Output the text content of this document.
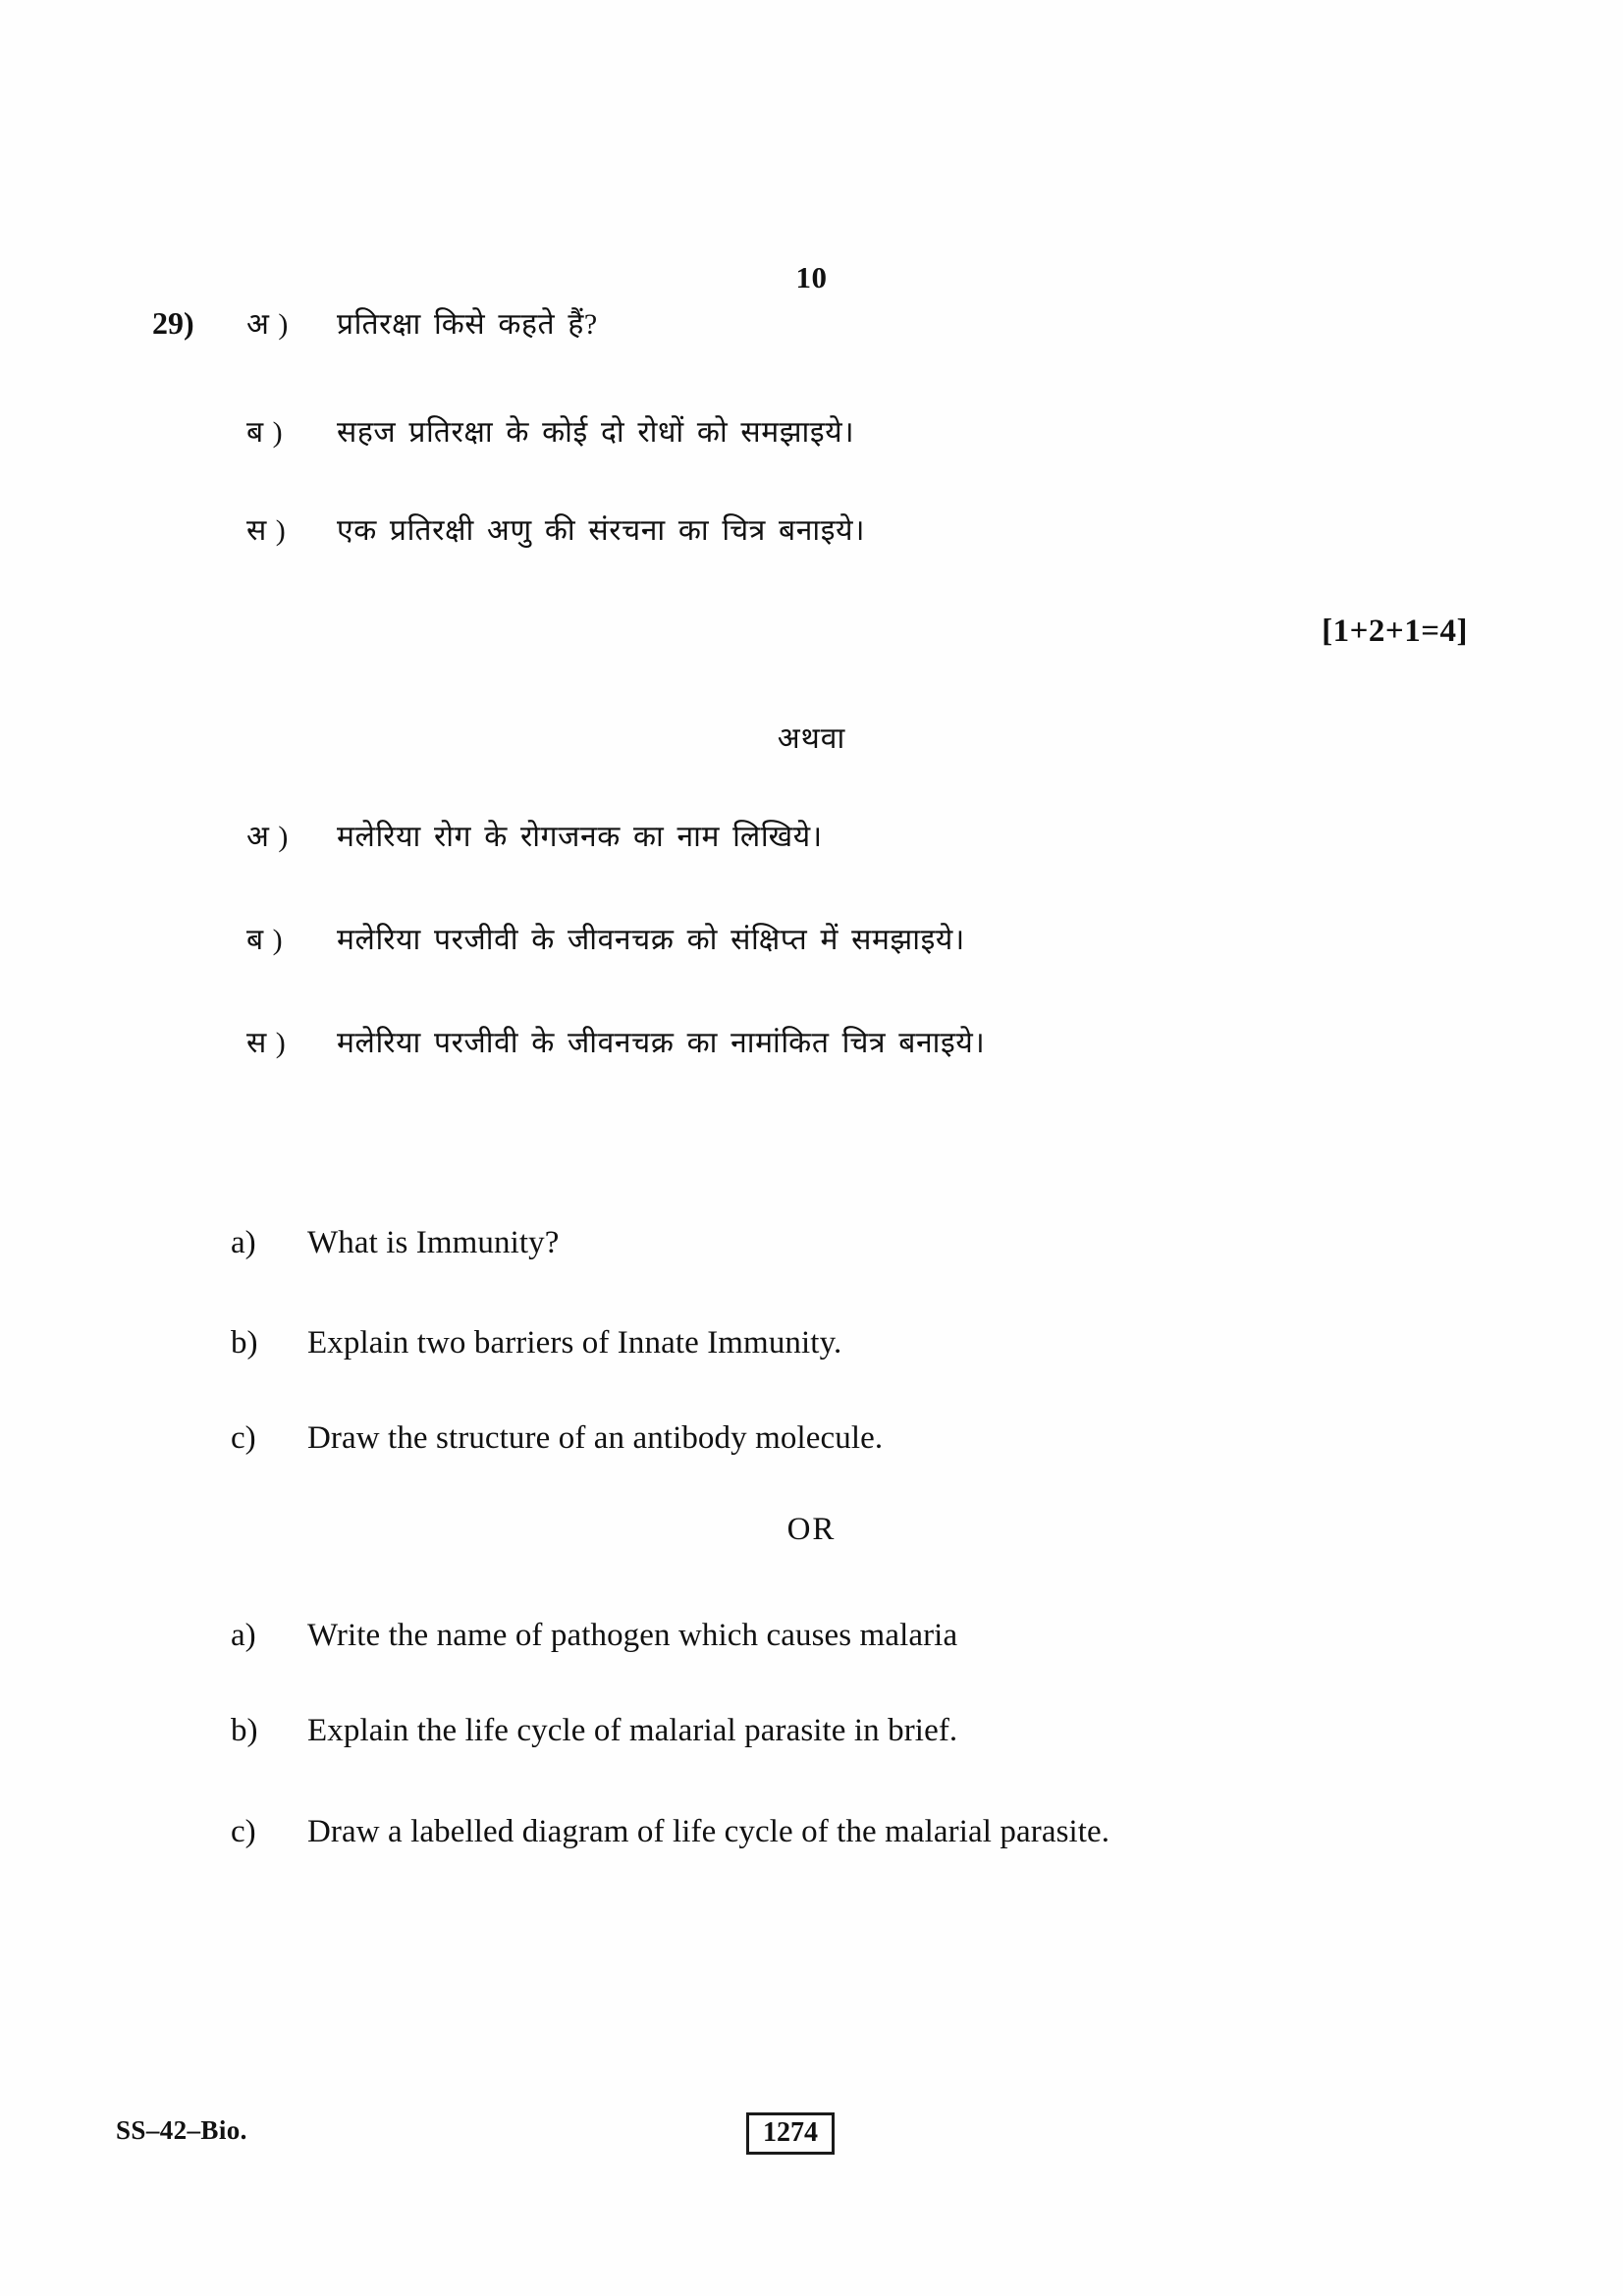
10
29)	अ )	प्रतिरक्षा किसे कहते हैं?
ब )	सहज प्रतिरक्षा के कोई दो रोधों को समझाइये।
स )	एक प्रतिरक्षी अणु की संरचना का चित्र बनाइये।
[1+2+1=4]
अथवा
अ )	मलेरिया रोग के रोगजनक का नाम लिखिये।
ब )	मलेरिया परजीवी के जीवनचक्र को संक्षिप्त में समझाइये।
स )	मलेरिया परजीवी के जीवनचक्र का नामांकित चित्र बनाइये।
a)	What is Immunity?
b)	Explain two barriers of Innate Immunity.
c)	Draw the structure of an antibody molecule.
OR
a)	Write the name of pathogen which causes malaria
b)	Explain the life cycle of malarial parasite in brief.
c)	Draw a labelled diagram of life cycle of the malarial parasite.
SS–42–Bio.	1274
